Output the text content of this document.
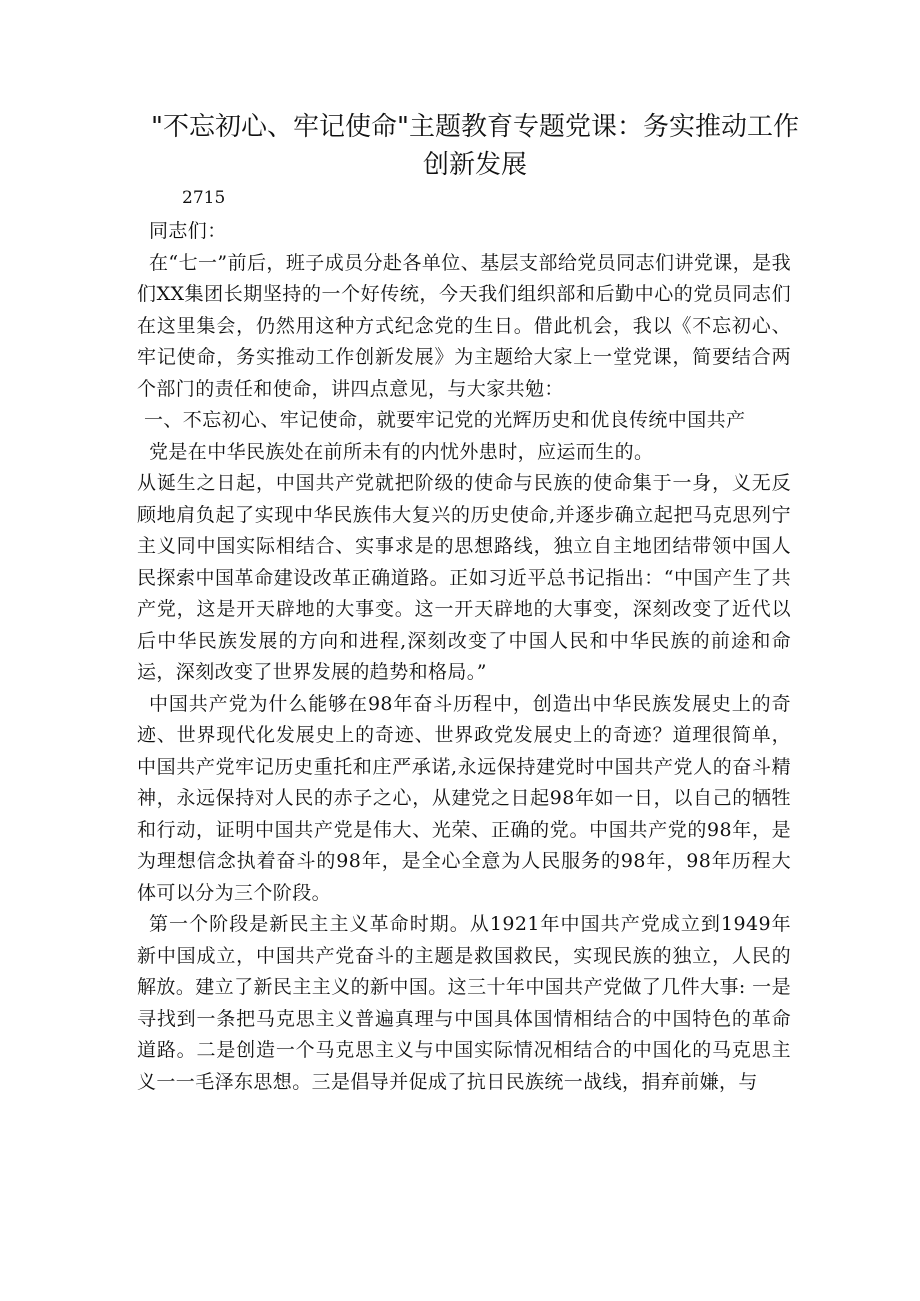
"不忘初心、牢记使命"主题教育专题党课：务实推动工作创新发展
2715

同志们：

在“七一”前后，班子成员分赴各单位、基层支部给党员同志们讲党课，是我们XX集团长期坚持的一个好传统，今天我们组织部和后勤中心的党员同志们在这里集会，仍然用这种方式纪念党的生日。借此机会，我以《不忘初心、牢记使命，务实推动工作创新发展》为主题给大家上一堂党课，简要结合两个部门的责任和使命，讲四点意见，与大家共勉：

一、不忘初心、牢记使命，就要牢记党的光辉历史和优良传统中国共产

党是在中华民族处在前所未有的内忧外患时，应运而生的。

从诞生之日起，中国共产党就把阶级的使命与民族的使命集于一身，义无反顾地肩负起了实现中华民族伟大复兴的历史使命,并逐步确立起把马克思列宁主义同中国实际相结合、实事求是的思想路线，独立自主地团结带领中国人民探索中国革命建设改革正确道路。正如习近平总书记指出：“中国产生了共产党，这是开天辟地的大事变。这一开天辟地的大事变，深刻改变了近代以后中华民族发展的方向和进程,深刻改变了中国人民和中华民族的前途和命运，深刻改变了世界发展的趋势和格局。”

中国共产党为什么能够在98年奋斗历程中，创造出中华民族发展史上的奇迹、世界现代化发展史上的奇迹、世界政党发展史上的奇迹？道理很简单，中国共产党牢记历史重托和庄严承诺,永远保持建党时中国共产党人的奋斗精神，永远保持对人民的赤子之心，从建党之日起98年如一日，以自己的牺牲和行动，证明中国共产党是伟大、光荣、正确的党。中国共产党的98年，是为理想信念执着奋斗的98年，是全心全意为人民服务的98年，98年历程大体可以分为三个阶段。

第一个阶段是新民主主义革命时期。从1921年中国共产党成立到1949年新中国成立，中国共产党奋斗的主题是救国救民，实现民族的独立，人民的解放。建立了新民主主义的新中国。这三十年中国共产党做了几件大事: 一是寻找到一条把马克思主义普遍真理与中国具体国情相结合的中国特色的革命道路。二是创造一个马克思主义与中国实际情况相结合的中国化的马克思主义一一毛泽东思想。三是倡导并促成了抗日民族统一战线，捐弃前嫌，与
